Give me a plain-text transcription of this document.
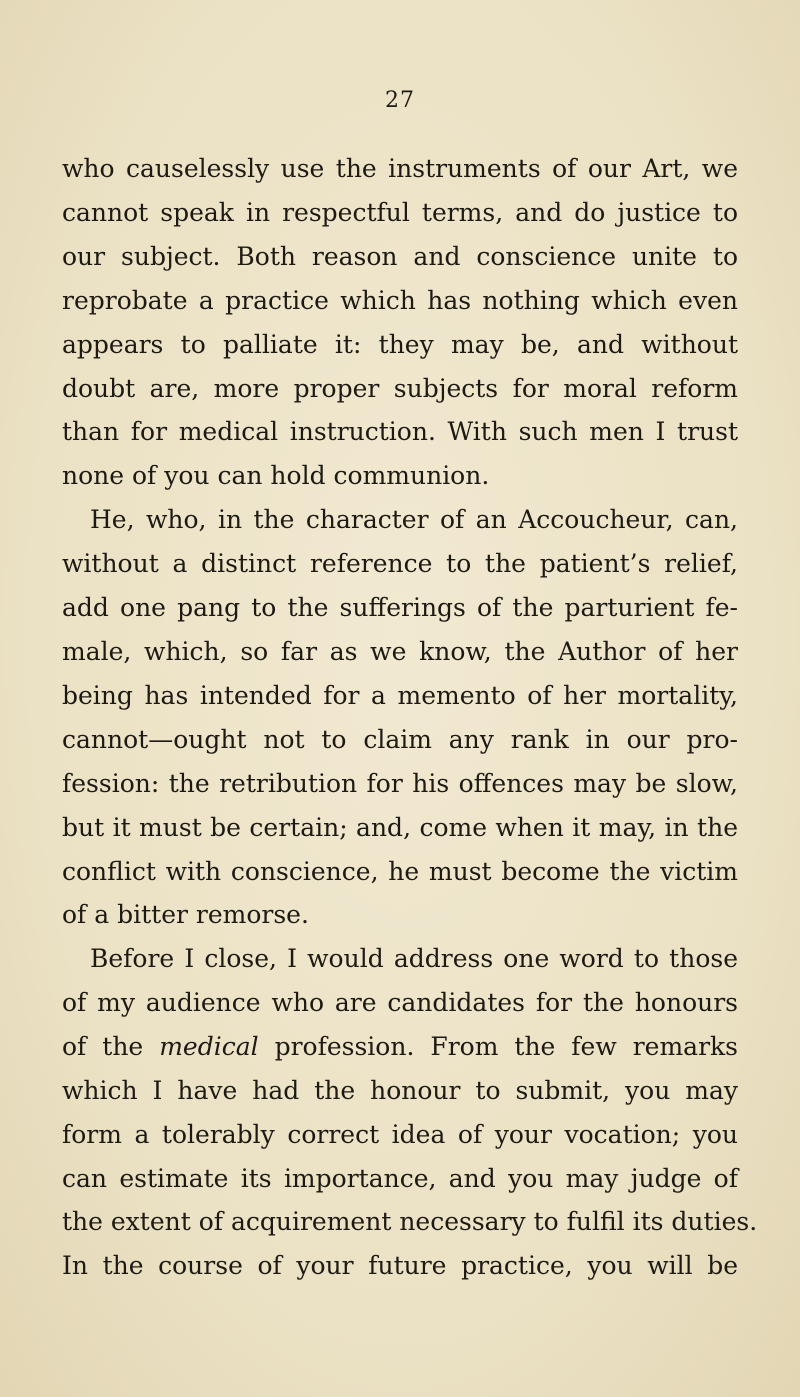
27
who causelessly use the instruments of our Art, we
cannot speak in respectful terms, and do justice to
our subject. Both reason and conscience unite to
reprobate a practice which has nothing which even
appears to palliate it: they may be, and without
doubt are, more proper subjects for moral reform
than for medical instruction. With such men I trust
none of you can hold communion.
He, who, in the character of an Accoucheur, can,
without a distinct reference to the patient’s relief,
add one pang to the sufferings of the parturient fe-
male, which, so far as we know, the Author of her
being has intended for a memento of her mortality,
cannot—ought not to claim any rank in our pro-
fession: the retribution for his offences may be slow,
but it must be certain; and, come when it may, in the
conflict with conscience, he must become the victim
of a bitter remorse.
Before I close, I would address one word to those
of my audience who are candidates for the honours
of the medical profession. From the few remarks
which I have had the honour to submit, you may
form a tolerably correct idea of your vocation; you
can estimate its importance, and you may judge of
the extent of acquirement necessary to fulfil its duties.
In the course of your future practice, you will be
